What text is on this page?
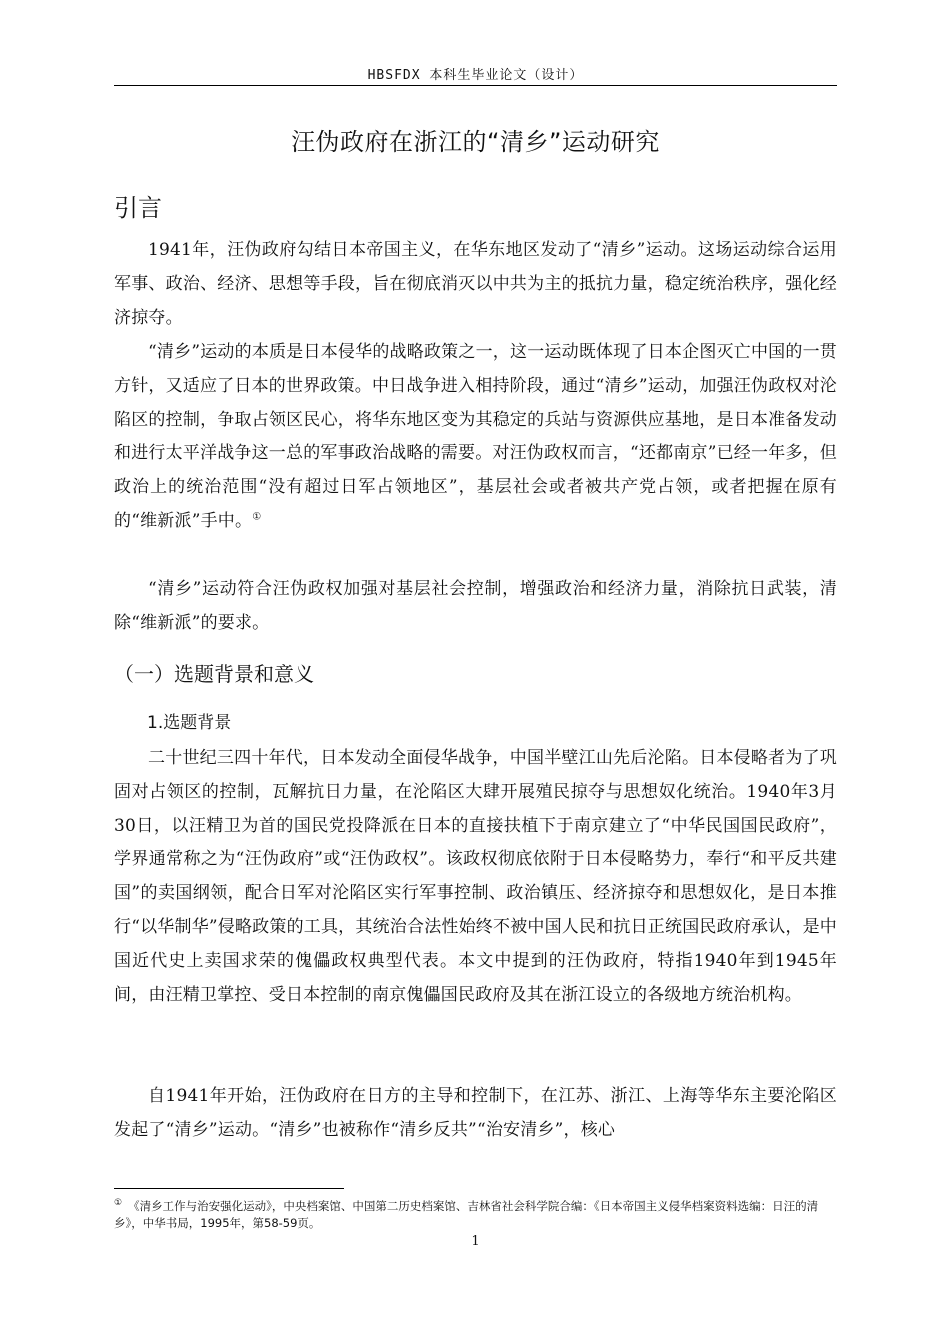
HBSFDX 本科生毕业论文（设计）
汪伪政府在浙江的“清乡”运动研究
引言

1941年，汪伪政府勾结日本帝国主义，在华东地区发动了“清乡”运动。这场运动综合运用军事、政治、经济、思想等手段，旨在彻底消灭以中共为主的抵抗力量，稳定统治秩序，强化经济掠夺。

“清乡”运动的本质是日本侵华的战略政策之一，这一运动既体现了日本企图灭亡中国的一贯方针，又适应了日本的世界政策。中日战争进入相持阶段，通过“清乡”运动，加强汪伪政权对沦陷区的控制，争取占领区民心，将华东地区变为其稳定的兵站与资源供应基地，是日本准备发动和进行太平洋战争这一总的军事政治战略的需要。对汪伪政权而言，“还都南京”已经一年多，但政治上的统治范围“没有超过日军占领地区”，基层社会或者被共产党占领，或者把握在原有的“维新派”手中。①

“清乡”运动符合汪伪政权加强对基层社会控制，增强政治和经济力量，消除抗日武装，清除“维新派”的要求。

（一）选题背景和意义
1.选题背景

二十世纪三四十年代，日本发动全面侵华战争，中国半壁江山先后沦陷。日本侵略者为了巩固对占领区的控制，瓦解抗日力量，在沦陷区大肆开展殖民掠夺与思想奴化统治。1940年3月30日，以汪精卫为首的国民党投降派在日本的直接扶植下于南京建立了“中华民国国民政府”，学界通常称之为“汪伪政府”或“汪伪政权”。该政权彻底依附于日本侵略势力，奉行“和平反共建国”的卖国纲领，配合日军对沦陷区实行军事控制、政治镇压、经济掠夺和思想奴化，是日本推行“以华制华”侵略政策的工具，其统治合法性始终不被中国人民和抗日正统国民政府承认，是中国近代史上卖国求荣的傀儡政权典型代表。本文中提到的汪伪政府，特指1940年到1945年间，由汪精卫掌控、受日本控制的南京傀儡国民政府及其在浙江设立的各级地方统治机构。

自1941年开始，汪伪政府在日方的主导和控制下，在江苏、浙江、上海等华东主要沦陷区发起了“清乡”运动。“清乡”也被称作“清乡反共”“治安清乡”，核心

① 《清乡工作与治安强化运动》，中央档案馆、中国第二历史档案馆、吉林省社会科学院合编：《日本帝国主义侵华档案资料选编：日汪的清乡》，中华书局，1995年，第58-59页。
1
